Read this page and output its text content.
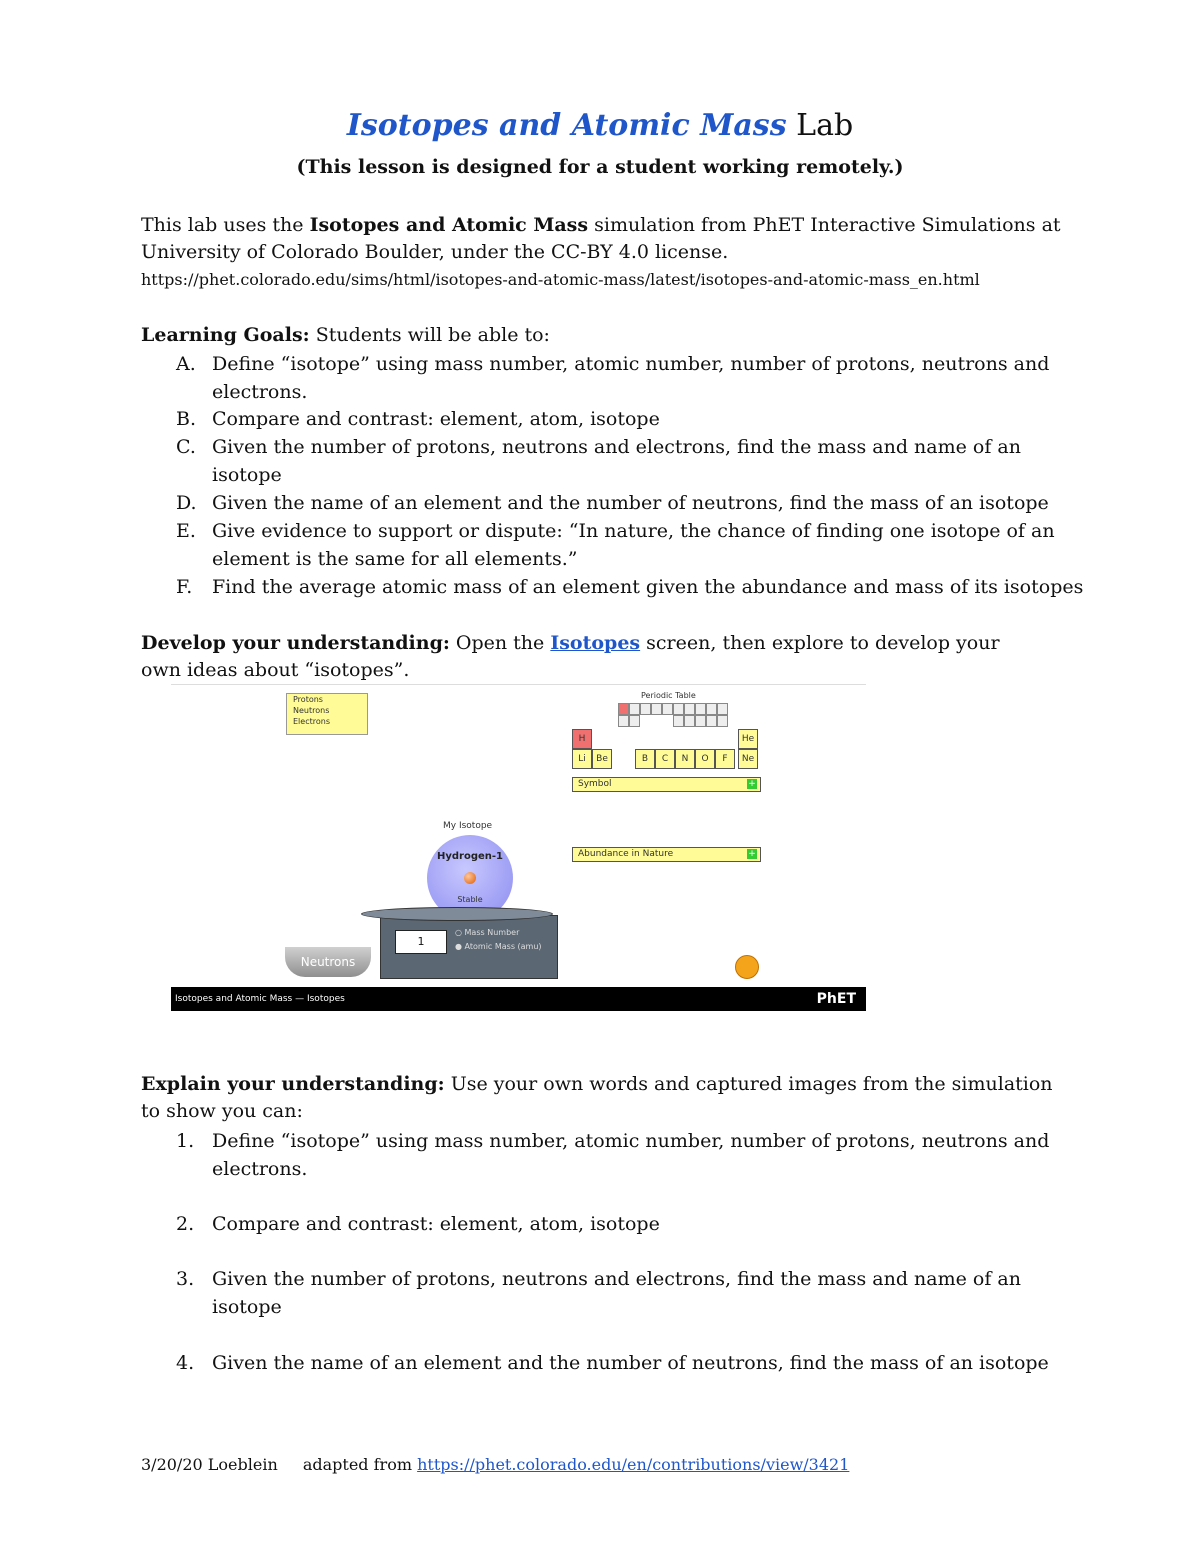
Isotopes and Atomic Mass Lab
(This lesson is designed for a student working remotely.)
This lab uses the Isotopes and Atomic Mass simulation from PhET Interactive Simulations at University of Colorado Boulder, under the CC-BY 4.0 license.
https://phet.colorado.edu/sims/html/isotopes-and-atomic-mass/latest/isotopes-and-atomic-mass_en.html
Learning Goals: Students will be able to:
A. Define “isotope” using mass number, atomic number, number of protons, neutrons and electrons.
B. Compare and contrast: element, atom, isotope
C. Given the number of protons, neutrons and electrons, find the mass and name of an isotope
D. Given the name of an element and the number of neutrons, find the mass of an isotope
E. Give evidence to support or dispute: “In nature, the chance of finding one isotope of an element is the same for all elements.”
F. Find the average atomic mass of an element given the abundance and mass of its isotopes
Develop your understanding: Open the Isotopes screen, then explore to develop your own ideas about “isotopes”.
Protons
Neutrons
Electrons
Periodic Table
H	He
Li	Be	B	C	N	O	F	Ne
Symbol	+
Abundance in Nature	+
My Isotope
Hydrogen-1
Stable
1
○ Mass Number
● Atomic Mass (amu)
Neutrons
Isotopes and Atomic Mass — Isotopes	PhET
Explain your understanding: Use your own words and captured images from the simulation to show you can:
1. Define “isotope” using mass number, atomic number, number of protons, neutrons and electrons.
2. Compare and contrast: element, atom, isotope
3. Given the number of protons, neutrons and electrons, find the mass and name of an isotope
4. Given the name of an element and the number of neutrons, find the mass of an isotope
3/20/20 Loeblein adapted from https://phet.colorado.edu/en/contributions/view/3421
